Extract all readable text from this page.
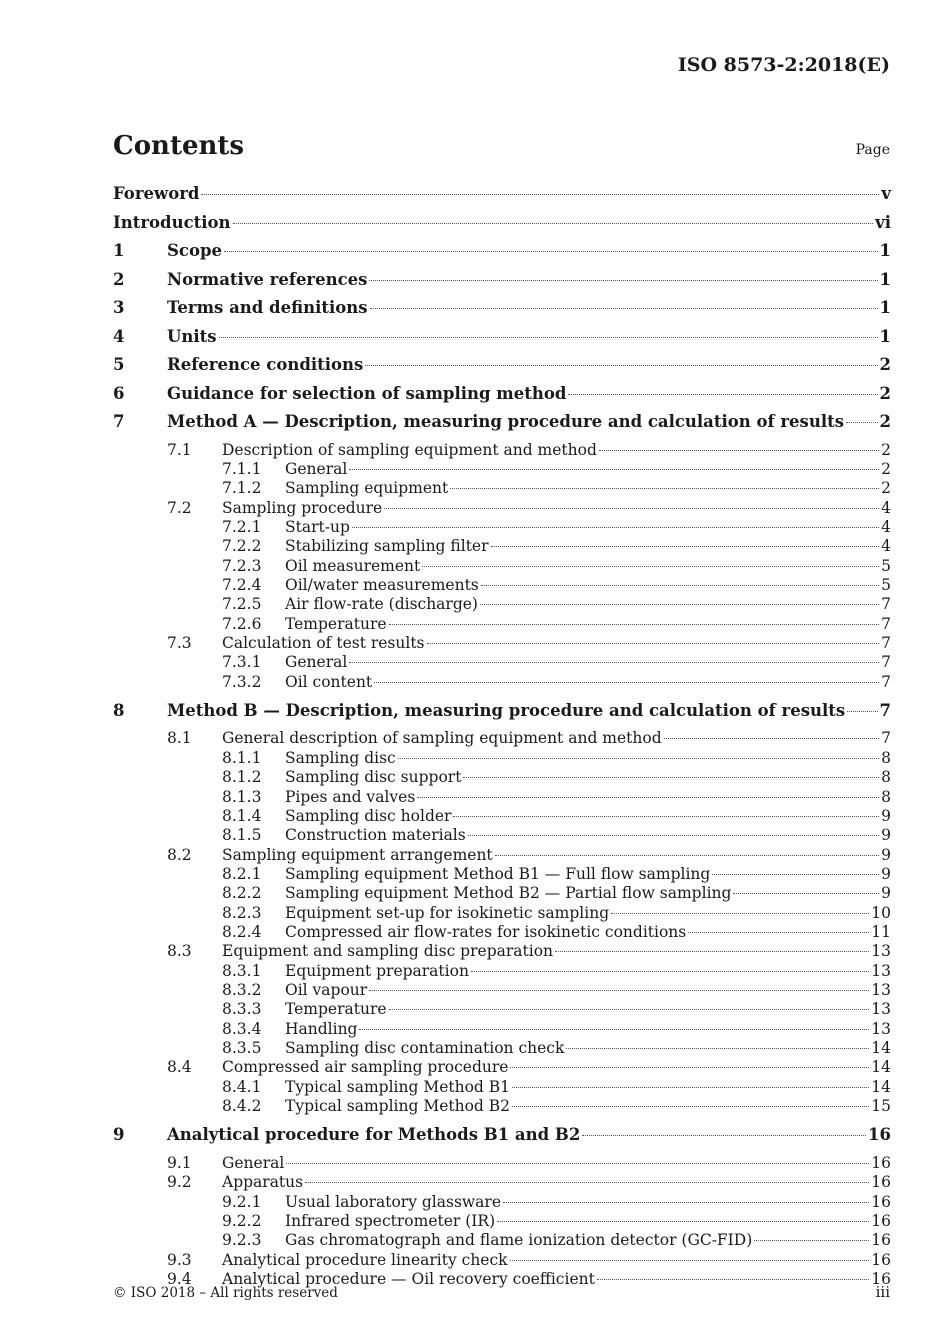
ISO 8573-2:2018(E)
Contents	Page
Foreword	v
Introduction	vi
1	Scope	1
2	Normative references	1
3	Terms and definitions	1
4	Units	1
5	Reference conditions	2
6	Guidance for selection of sampling method	2
7	Method A — Description, measuring procedure and calculation of results 2
7.1	Description of sampling equipment and method	2
7.1.1	General	2
7.1.2	Sampling equipment	2
7.2	Sampling procedure	4
7.2.1	Start-up	4
7.2.2	Stabilizing sampling filter	4
7.2.3	Oil measurement	5
7.2.4	Oil/water measurements	5
7.2.5	Air flow-rate (discharge)	7
7.2.6	Temperature	7
7.3	Calculation of test results	7
7.3.1	General	7
7.3.2	Oil content	7
8	Method B — Description, measuring procedure and calculation of results 7
8.1	General description of sampling equipment and method	7
8.1.1	Sampling disc	8
8.1.2	Sampling disc support	8
8.1.3	Pipes and valves	8
8.1.4	Sampling disc holder	9
8.1.5	Construction materials	9
8.2	Sampling equipment arrangement	9
8.2.1	Sampling equipment Method B1 — Full flow sampling	9
8.2.2	Sampling equipment Method B2 — Partial flow sampling	9
8.2.3	Equipment set-up for isokinetic sampling	10
8.2.4	Compressed air flow-rates for isokinetic conditions	11
8.3	Equipment and sampling disc preparation	13
8.3.1	Equipment preparation	13
8.3.2	Oil vapour	13
8.3.3	Temperature	13
8.3.4	Handling	13
8.3.5	Sampling disc contamination check	14
8.4	Compressed air sampling procedure	14
8.4.1	Typical sampling Method B1	14
8.4.2	Typical sampling Method B2	15
9	Analytical procedure for Methods B1 and B2	16
9.1	General	16
9.2	Apparatus	16
9.2.1	Usual laboratory glassware	16
9.2.2	Infrared spectrometer (IR)	16
9.2.3	Gas chromatograph and flame ionization detector (GC-FID)	16
9.3	Analytical procedure linearity check	16
9.4	Analytical procedure — Oil recovery coefficient	16
© ISO 2018 – All rights reserved	iii
